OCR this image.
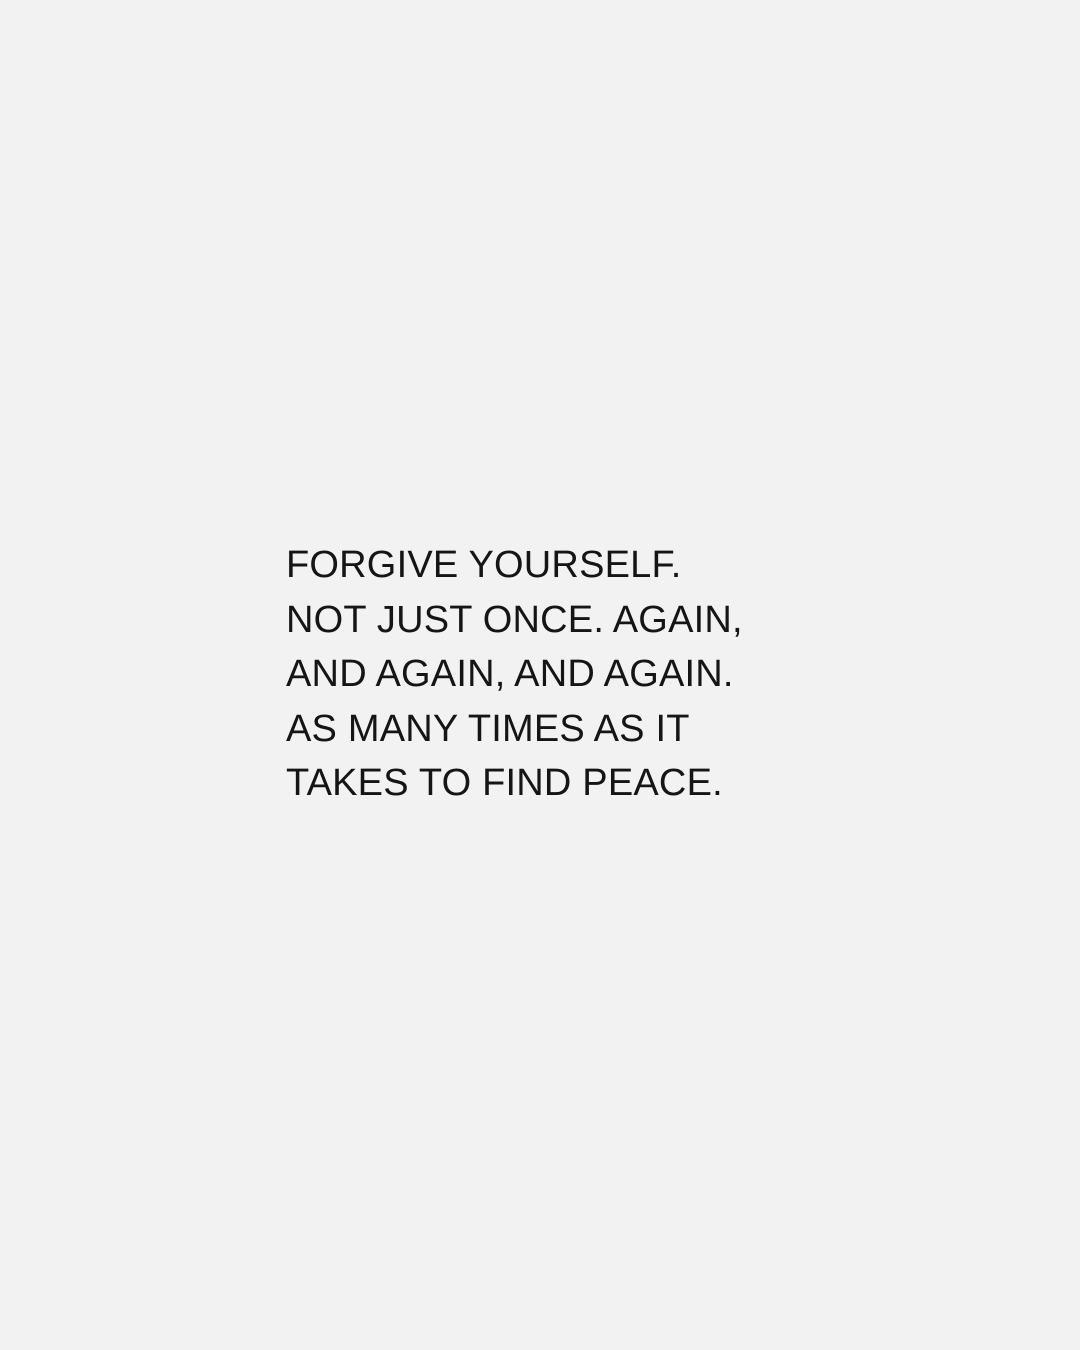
FORGIVE YOURSELF.
NOT JUST ONCE. AGAIN,
AND AGAIN, AND AGAIN.
AS MANY TIMES AS IT
TAKES TO FIND PEACE.
